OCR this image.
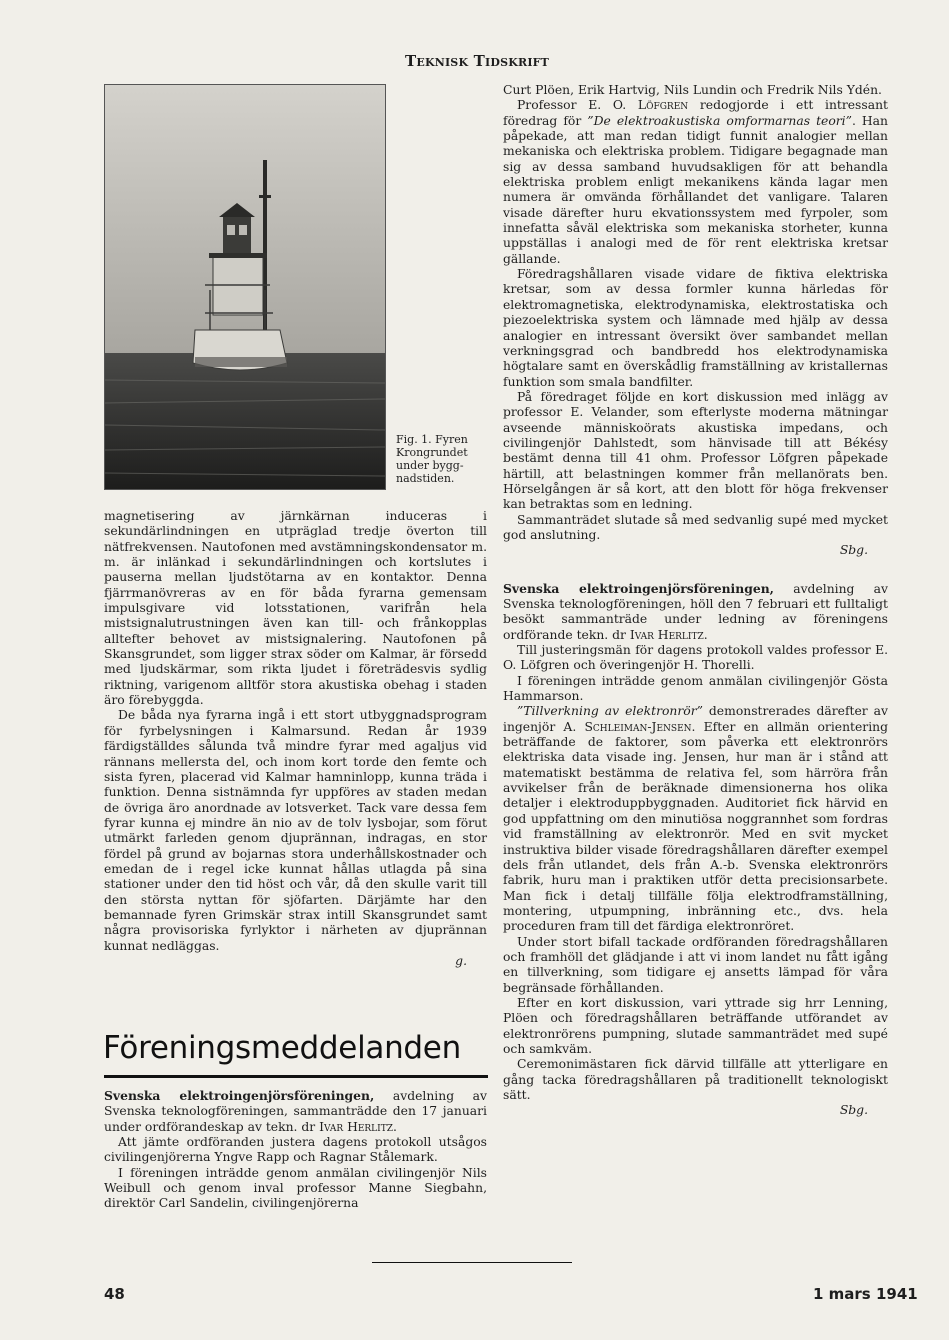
Teknisk Tidskrift
Fig. 1. Fyren
Krongrundet
under bygg-
nadstiden.

magnetisering av järnkärnan induceras i sekundärlindningen en utpräglad tredje överton till nätfrekvensen. Nautofonen med avstämningskondensator m. m. är inlänkad i sekundärlindningen och kortslutes i pauserna mellan ljudstötarna av en kontaktor. Denna fjärrmanövreras av en för båda fyrarna gemensam impulsgivare vid lotsstationen, varifrån hela mistsignalutrustningen även kan till- och frånkopplas alltefter behovet av mistsignalering. Nautofonen på Skansgrundet, som ligger strax söder om Kalmar, är försedd med ljudskärmar, som rikta ljudet i företrädesvis sydlig riktning, varigenom alltför stora akustiska obehag i staden äro förebyggda.

De båda nya fyrarna ingå i ett stort utbyggnadsprogram för fyrbelysningen i Kalmarsund. Redan år 1939 färdigställdes sålunda två mindre fyrar med agaljus vid rännans mellersta del, och inom kort torde den femte och sista fyren, placerad vid Kalmar hamninlopp, kunna träda i funktion. Denna sistnämnda fyr uppföres av staden medan de övriga äro anordnade av lotsverket. Tack vare dessa fem fyrar kunna ej mindre än nio av de tolv lysbojar, som förut utmärkt farleden genom djuprännan, indragas, en stor fördel på grund av bojarnas stora underhållskostnader och emedan de i regel icke kunnat hållas utlagda på sina stationer under den tid höst och vår, då den skulle varit till den största nyttan för sjöfarten. Därjämte har den bemannade fyren Grimskär strax intill Skansgrundet samt några provisoriska fyrlyktor i närheten av djuprännan kunnat nedläggas.

g.
Föreningsmeddelanden

Svenska elektroingenjörsföreningen, avdelning av Svenska teknologföreningen, sammanträdde den 17 januari under ordförandeskap av tekn. dr Ivar Herlitz.

Att jämte ordföranden justera dagens protokoll utsågos civilingenjörerna Yngve Rapp och Ragnar Stålemark.

I föreningen inträdde genom anmälan civilingenjör Nils Weibull och genom inval professor Manne Siegbahn, direktör Carl Sandelin, civilingenjörerna

Curt Plöen, Erik Hartvig, Nils Lundin och Fredrik Nils Ydén.

Professor E. O. Löfgren redogjorde i ett intressant föredrag för ”De elektroakustiska omformarnas teori”. Han påpekade, att man redan tidigt funnit analogier mellan mekaniska och elektriska problem. Tidigare begagnade man sig av dessa samband huvudsakligen för att behandla elektriska problem enligt mekanikens kända lagar men numera är omvända förhållandet det vanligare. Talaren visade därefter huru ekvationssystem med fyrpoler, som innefatta såväl elektriska som mekaniska storheter, kunna uppställas i analogi med de för rent elektriska kretsar gällande.

Föredragshållaren visade vidare de fiktiva elektriska kretsar, som av dessa formler kunna härledas för elektromagnetiska, elektrodynamiska, elektrostatiska och piezoelektriska system och lämnade med hjälp av dessa analogier en intressant översikt över sambandet mellan verkningsgrad och bandbredd hos elektrodynamiska högtalare samt en överskådlig framställning av kristallernas funktion som smala bandfilter.

På föredraget följde en kort diskussion med inlägg av professor E. Velander, som efterlyste moderna mätningar avseende människoörats akustiska impedans, och civilingenjör Dahlstedt, som hänvisade till att Békésy bestämt denna till 41 ohm. Professor Löfgren påpekade härtill, att belastningen kommer från mellanörats ben. Hörselgången är så kort, att den blott för höga frekvenser kan betraktas som en ledning.

Sammanträdet slutade så med sedvanlig supé med mycket god anslutning.

Sbg.

Svenska elektroingenjörsföreningen, avdelning av Svenska teknologföreningen, höll den 7 februari ett fulltaligt besökt sammanträde under ledning av föreningens ordförande tekn. dr Ivar Herlitz.

Till justeringsmän för dagens protokoll valdes professor E. O. Löfgren och överingenjör H. Thorelli.

I föreningen inträdde genom anmälan civilingenjör Gösta Hammarson.

”Tillverkning av elektronrör” demonstrerades därefter av ingenjör A. Schleiman-Jensen. Efter en allmän orientering beträffande de faktorer, som påverka ett elektronrörs elektriska data visade ing. Jensen, hur man är i stånd att matematiskt bestämma de relativa fel, som härröra från avvikelser från de beräknade dimensionerna hos olika detaljer i elektroduppbyggnaden. Auditoriet fick härvid en god uppfattning om den minutiösa noggrannhet som fordras vid framställning av elektronrör. Med en svit mycket instruktiva bilder visade föredragshållaren därefter exempel dels från utlandet, dels från A.-b. Svenska elektronrörs fabrik, huru man i praktiken utför detta precisionsarbete. Man fick i detalj tillfälle följa elektrodframställning, montering, utpumpning, inbränning etc., dvs. hela proceduren fram till det färdiga elektronröret.

Under stort bifall tackade ordföranden föredragshållaren och framhöll det glädjande i att vi inom landet nu fått igång en tillverkning, som tidigare ej ansetts lämpad för våra begränsade förhållanden.

Efter en kort diskussion, vari yttrade sig hrr Lenning, Plöen och föredragshållaren beträffande utförandet av elektronrörens pumpning, slutade sammanträdet med supé och samkväm.

Ceremonimästaren fick därvid tillfälle att ytterligare en gång tacka föredragshållaren på traditionellt teknologiskt sätt.

Sbg.
48	1 mars 1941
